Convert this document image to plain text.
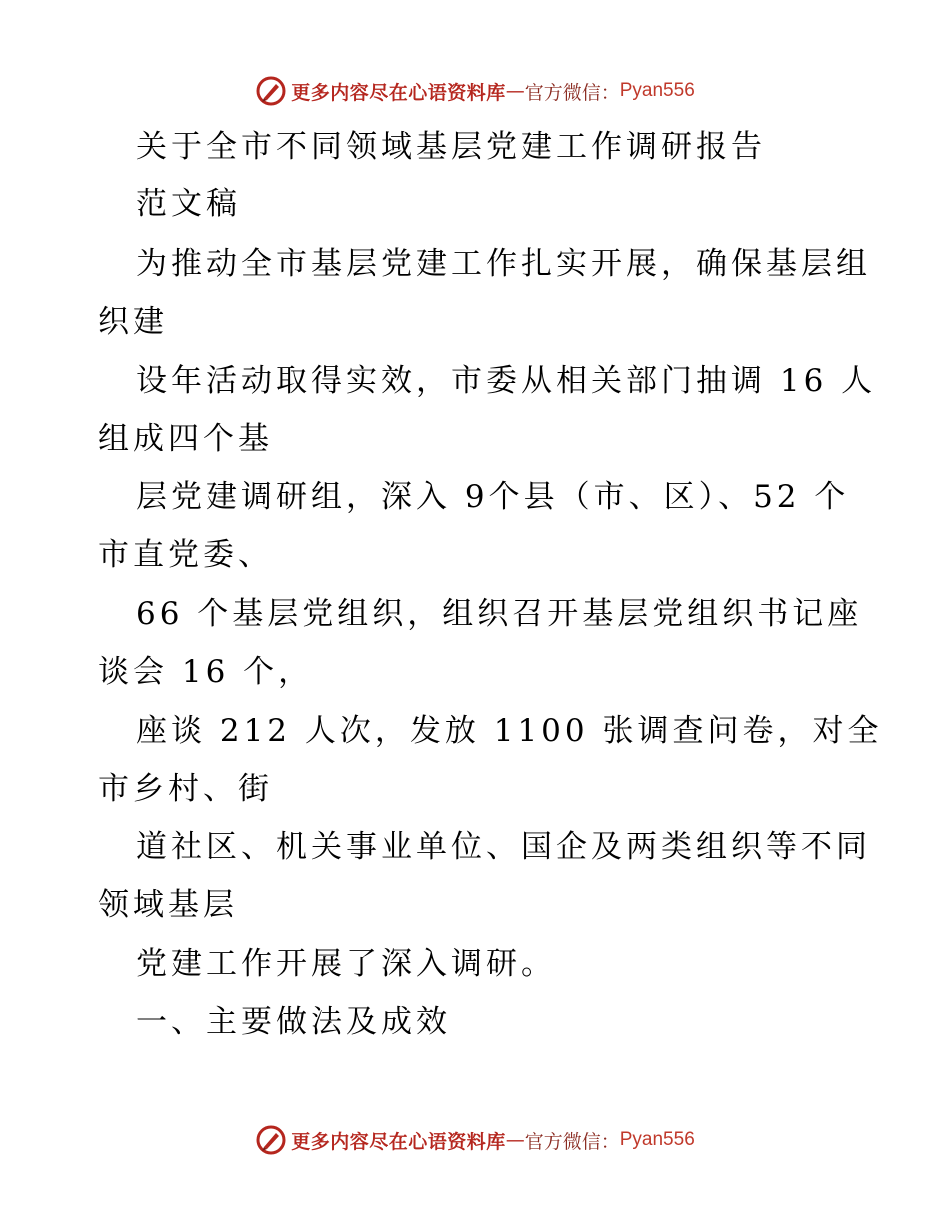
更多内容尽在心语资料库 — 官方微信： Pyan556
关于全市不同领域基层党建工作调研报告
范文稿
为推动全市基层党建工作扎实开展，确保基层组
织建
设年活动取得实效，市委从相关部门抽调 16 人
组成四个基
层党建调研组，深入 9个县（市、区）、52 个
市直党委、
66 个基层党组织，组织召开基层党组织书记座
谈会 16 个，
座谈 212 人次，发放 1100 张调查问卷，对全
市乡村、街
道社区、机关事业单位、国企及两类组织等不同
领域基层
党建工作开展了深入调研。
一、主要做法及成效
更多内容尽在心语资料库 — 官方微信： Pyan556
